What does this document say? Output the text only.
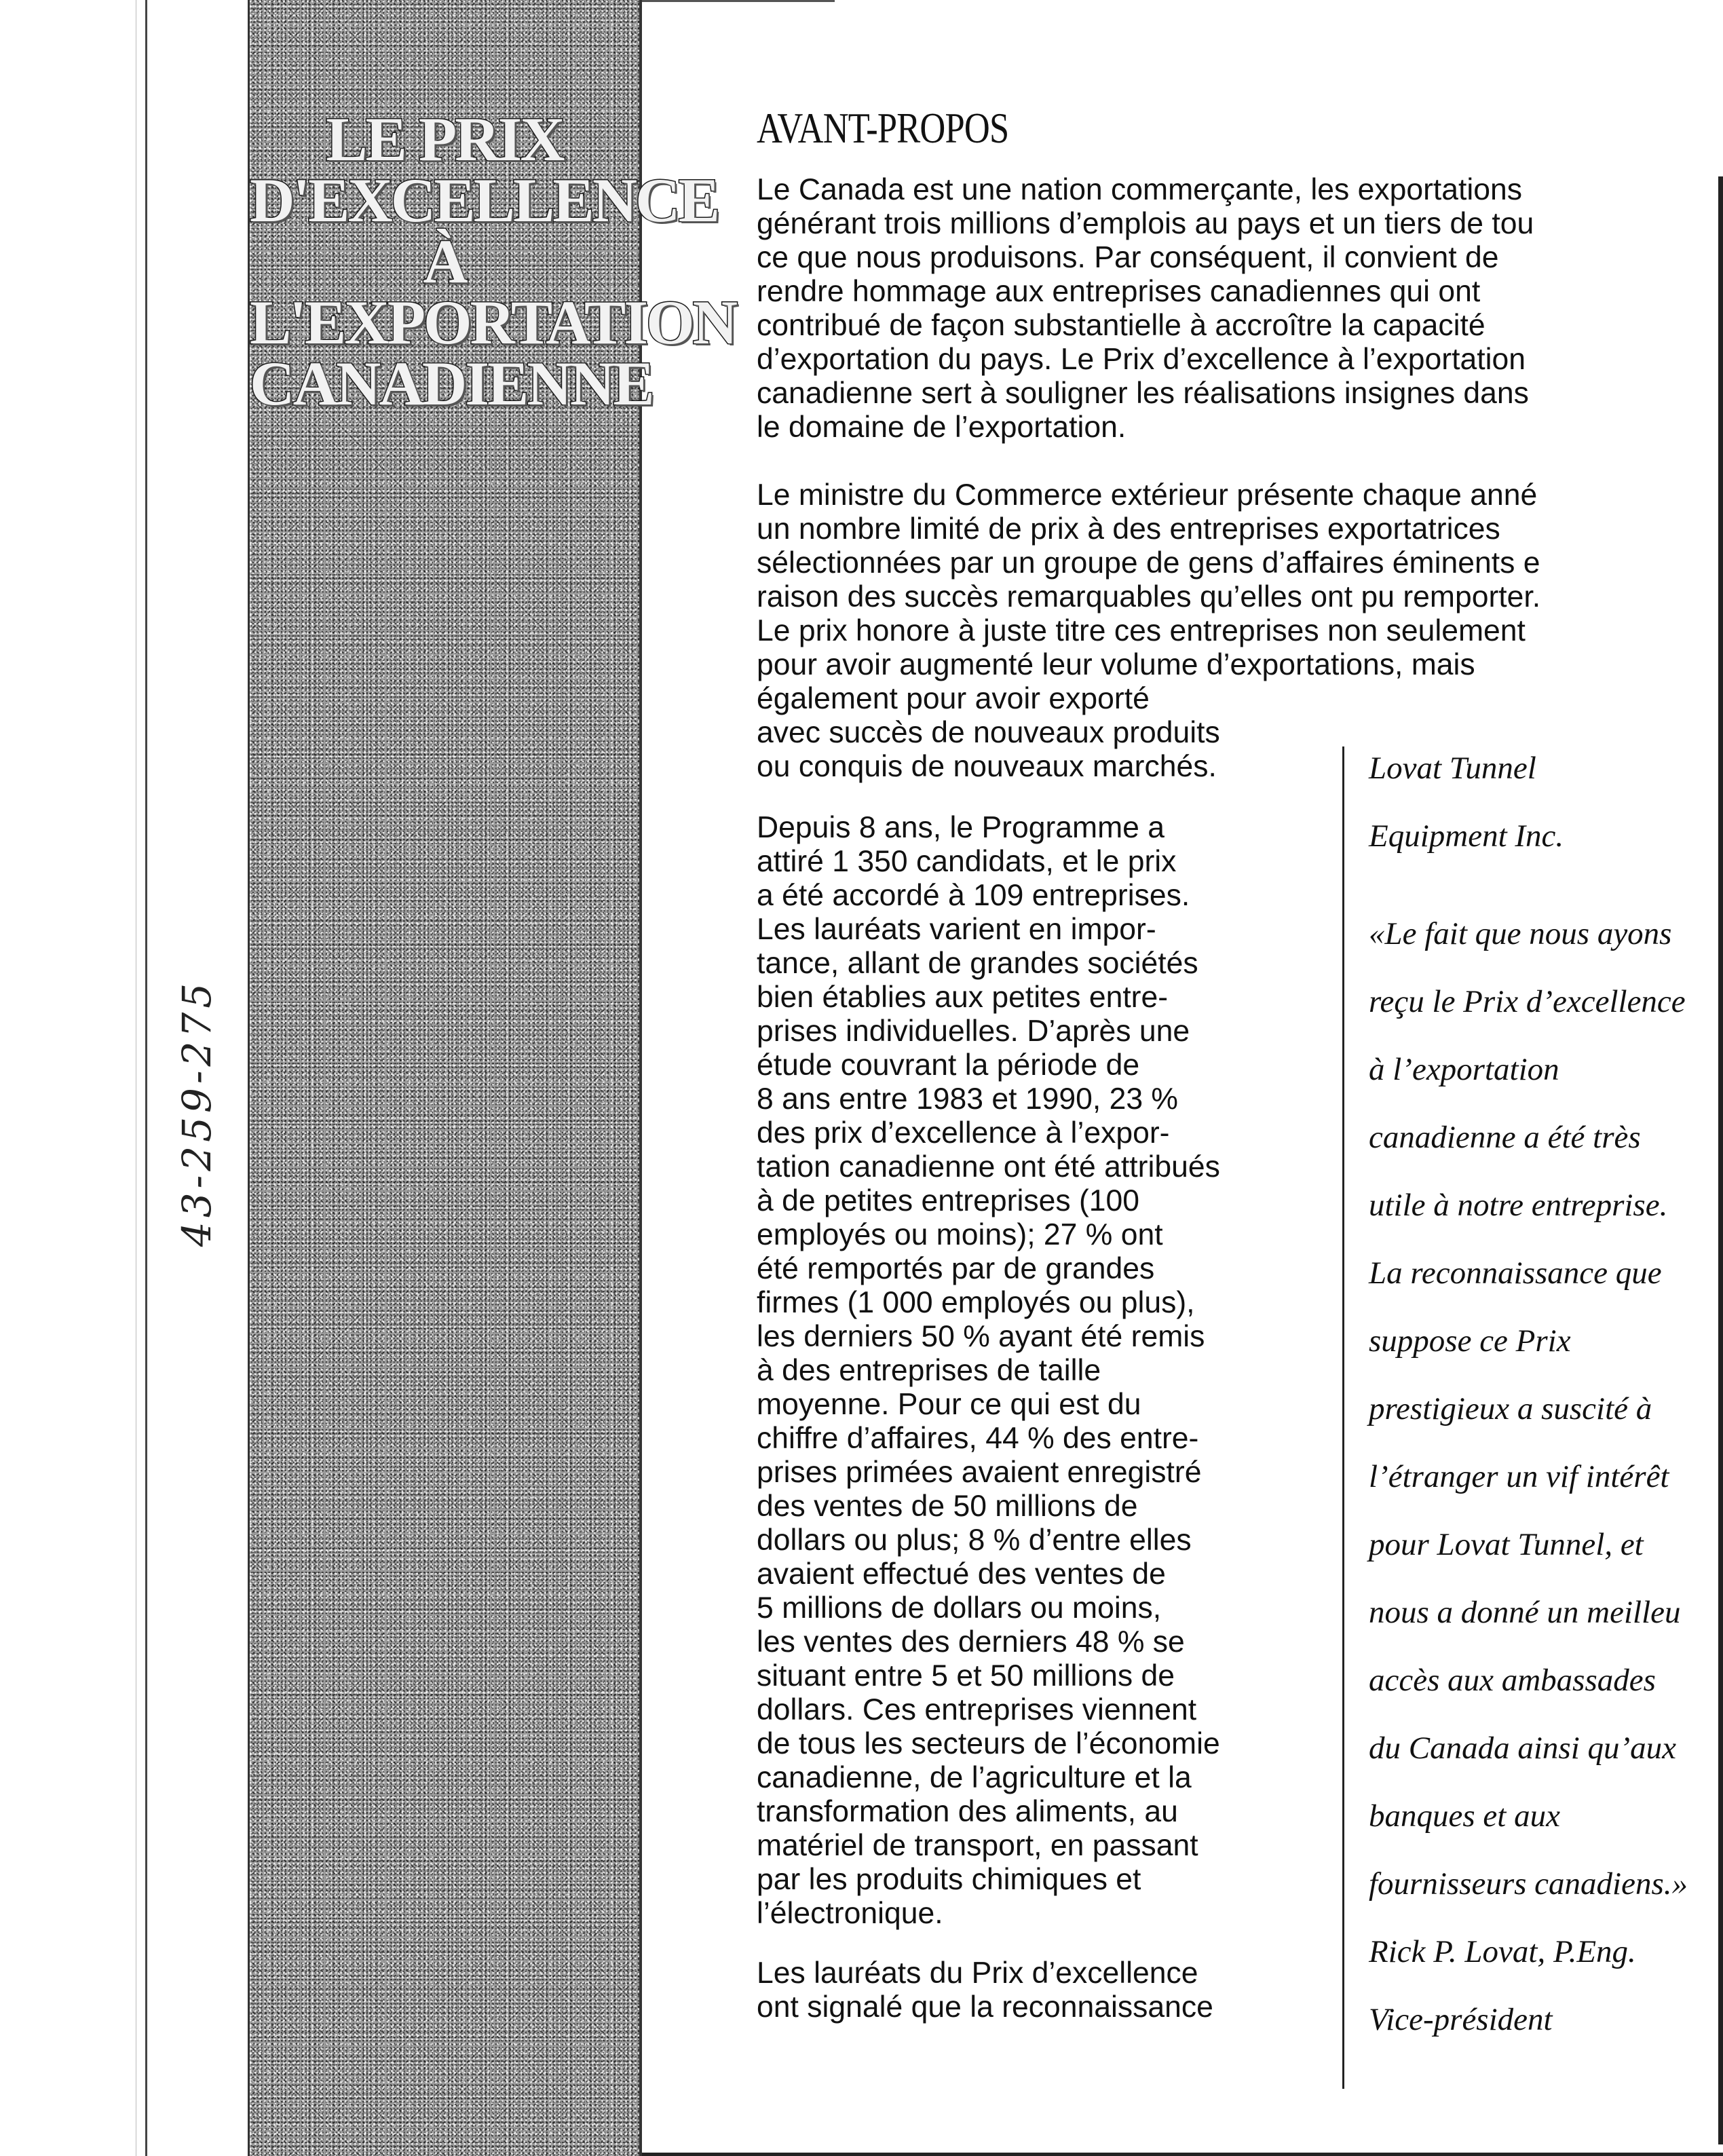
43-259-275
LE PRIX
D'EXCELLENCE
À
L'EXPORTATION
CANADIENNE
AVANT-PROPOS
Le Canada est une nation commerçante, les exportations
générant trois millions d’emplois au pays et un tiers de tou
ce que nous produisons. Par conséquent, il convient de
rendre hommage aux entreprises canadiennes qui ont
contribué de façon substantielle à accroître la capacité
d’exportation du pays. Le Prix d’excellence à l’exportation
canadienne sert à souligner les réalisations insignes dans
le domaine de l’exportation.
Le ministre du Commerce extérieur présente chaque anné
un nombre limité de prix à des entreprises exportatrices
sélectionnées par un groupe de gens d’affaires éminents e
raison des succès remarquables qu’elles ont pu remporter.
Le prix honore à juste titre ces entreprises non seulement
pour avoir augmenté leur volume d’exportations, mais
également pour avoir exporté
avec succès de nouveaux produits
ou conquis de nouveaux marchés.
Depuis 8 ans, le Programme a
attiré 1 350 candidats, et le prix
a été accordé à 109 entreprises.
Les lauréats varient en impor-
tance, allant de grandes sociétés
bien établies aux petites entre-
prises individuelles. D’après une
étude couvrant la période de
8 ans entre 1983 et 1990, 23 %
des prix d’excellence à l’expor-
tation canadienne ont été attribués
à de petites entreprises (100
employés ou moins); 27 % ont
été remportés par de grandes
firmes (1 000 employés ou plus),
les derniers 50 % ayant été remis
à des entreprises de taille
moyenne. Pour ce qui est du
chiffre d’affaires, 44 % des entre-
prises primées avaient enregistré
des ventes de 50 millions de
dollars ou plus; 8 % d’entre elles
avaient effectué des ventes de
5 millions de dollars ou moins,
les ventes des derniers 48 % se
situant entre 5 et 50 millions de
dollars. Ces entreprises viennent
de tous les secteurs de l’économie
canadienne, de l’agriculture et la
transformation des aliments, au
matériel de transport, en passant
par les produits chimiques et
l’électronique.
Les lauréats du Prix d’excellence
ont signalé que la reconnaissance
Lovat Tunnel
Equipment Inc.
«Le fait que nous ayons
reçu le Prix d’excellence
à l’exportation
canadienne a été très
utile à notre entreprise.
La reconnaissance que
suppose ce Prix
prestigieux a suscité à
l’étranger un vif intérêt
pour Lovat Tunnel, et
nous a donné un meilleu
accès aux ambassades
du Canada ainsi qu’aux
banques et aux
fournisseurs canadiens.»
Rick P. Lovat, P.Eng.
Vice-président
